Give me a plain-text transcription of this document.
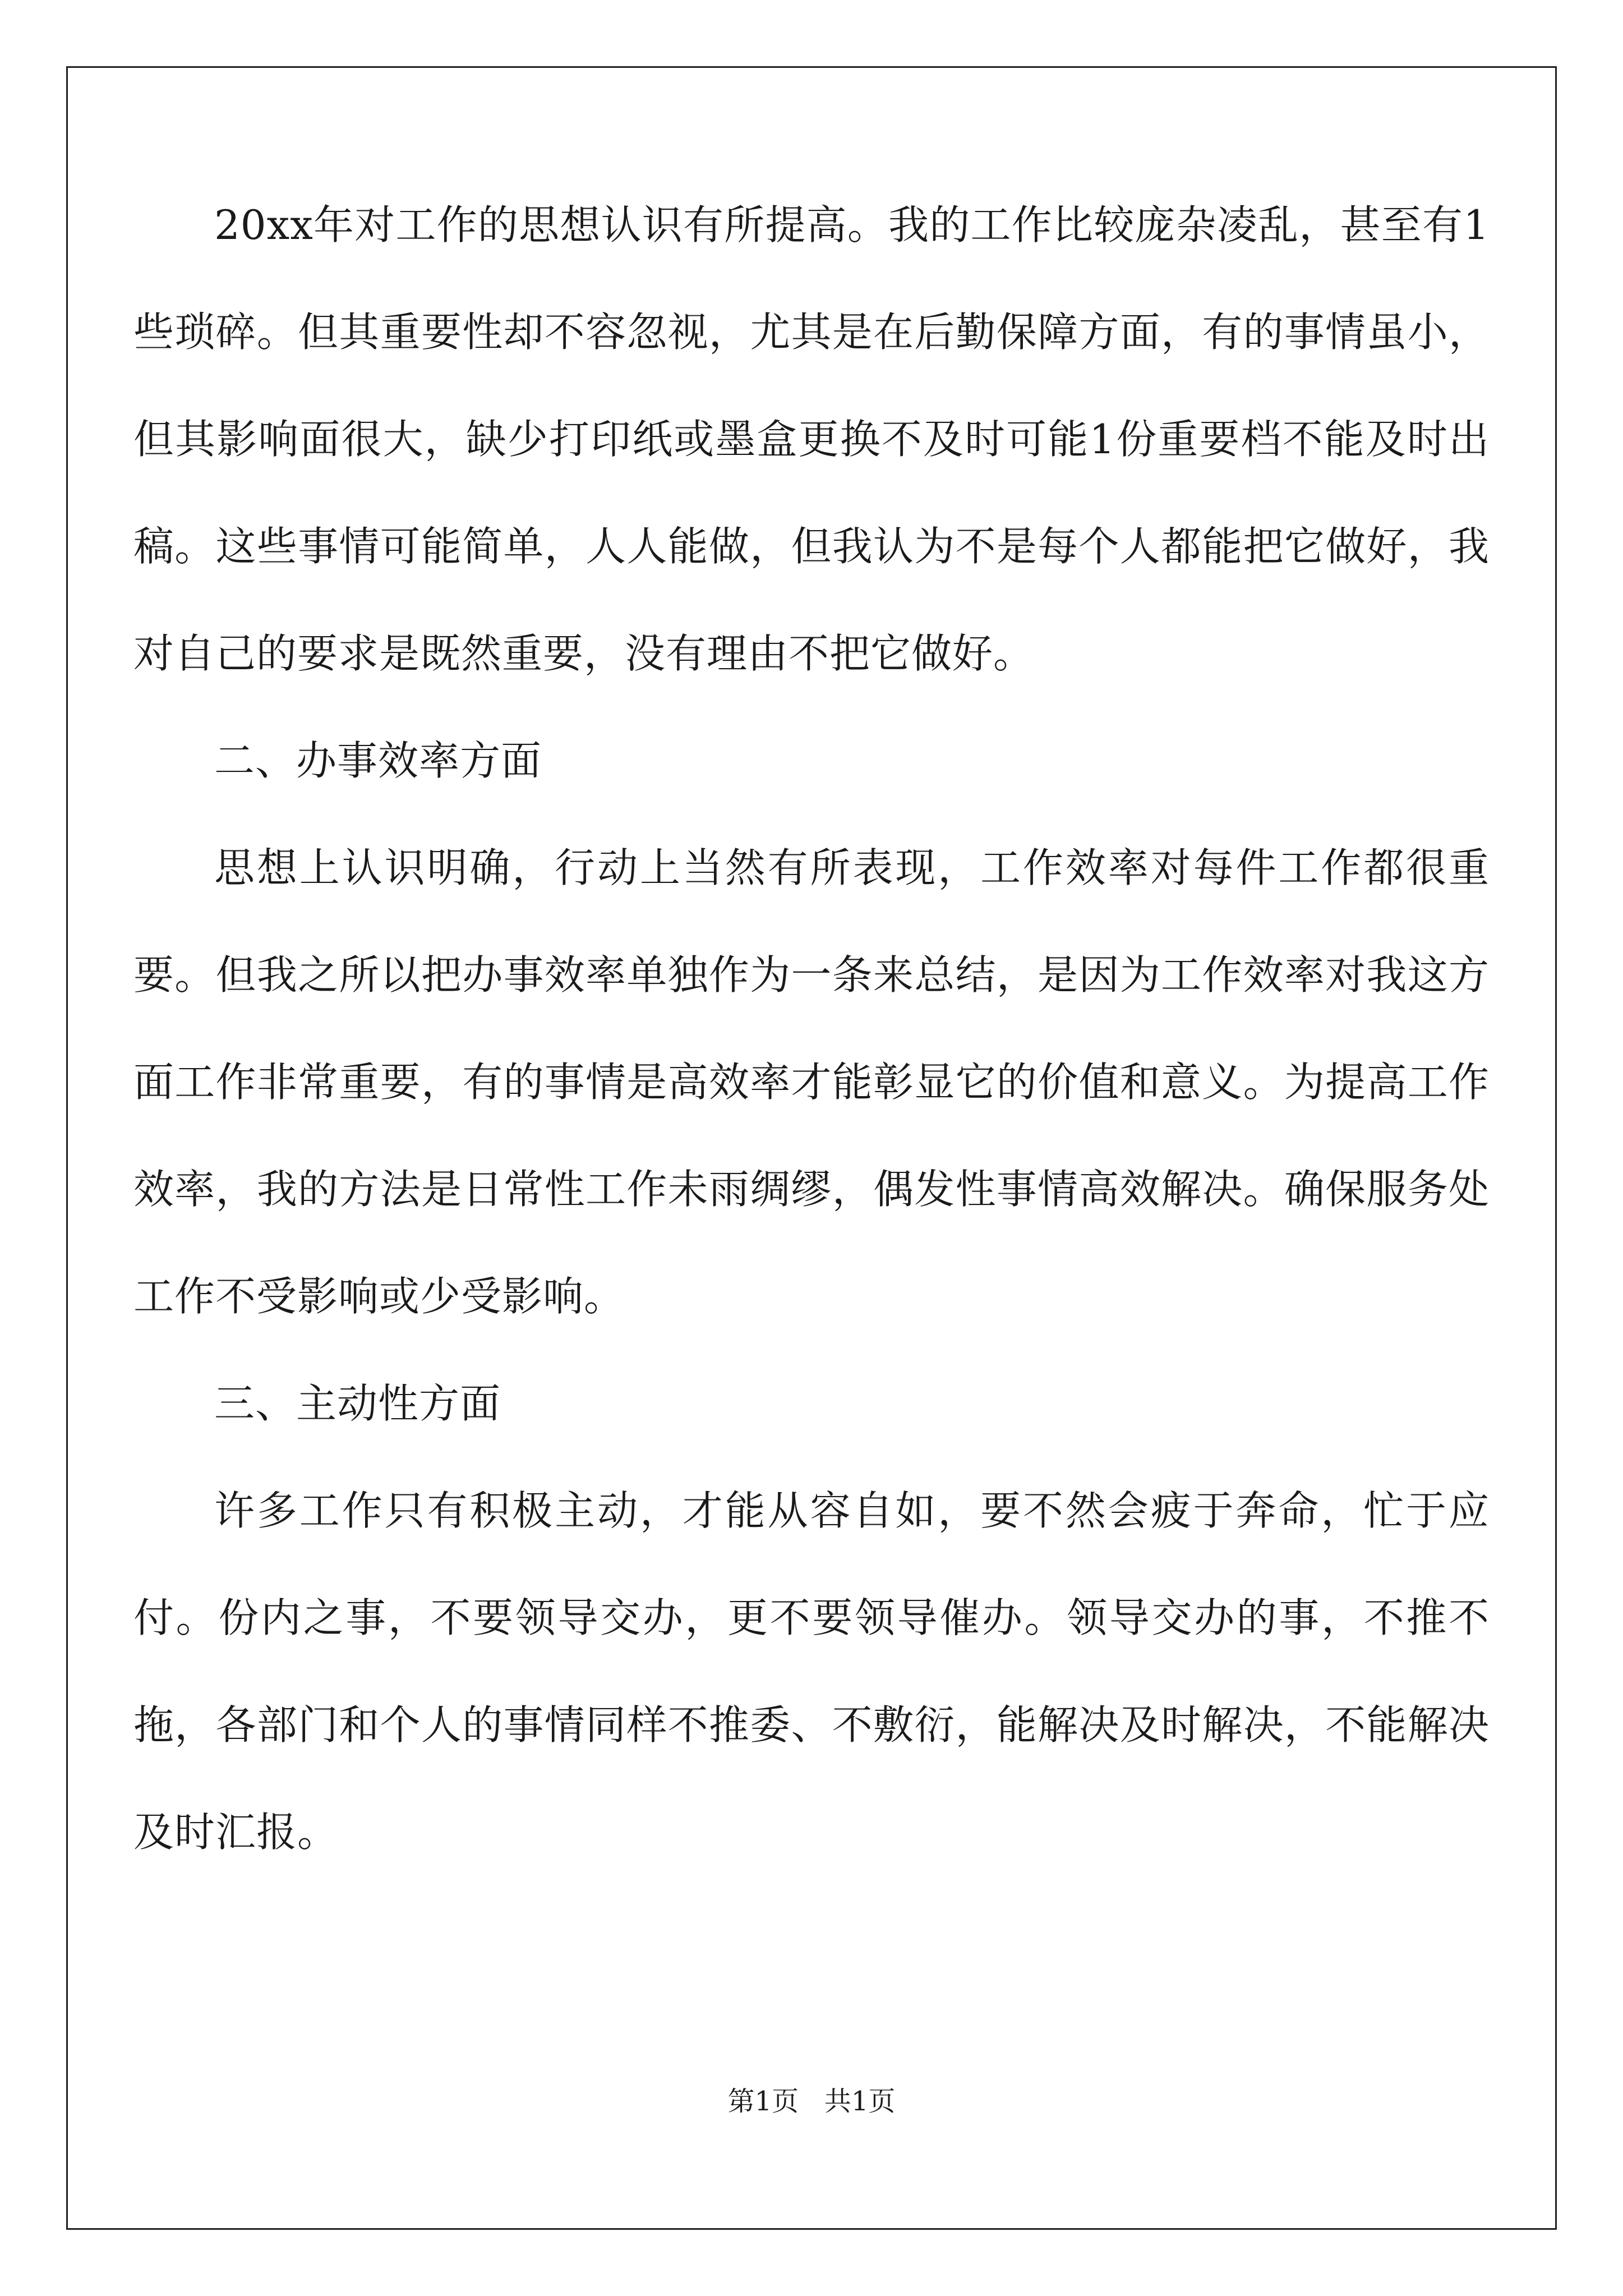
20xx年对工作的思想认识有所提高。我的工作比较庞杂凌乱，甚至有1些琐碎。但其重要性却不容忽视，尤其是在后勤保障方面，有的事情虽小，但其影响面很大，缺少打印纸或墨盒更换不及时可能1份重要档不能及时出稿。这些事情可能简单，人人能做，但我认为不是每个人都能把它做好，我对自己的要求是既然重要，没有理由不把它做好。

二、办事效率方面

思想上认识明确，行动上当然有所表现，工作效率对每件工作都很重要。但我之所以把办事效率单独作为一条来总结，是因为工作效率对我这方面工作非常重要，有的事情是高效率才能彰显它的价值和意义。为提高工作效率，我的方法是日常性工作未雨绸缪，偶发性事情高效解决。确保服务处工作不受影响或少受影响。

三、主动性方面

许多工作只有积极主动，才能从容自如，要不然会疲于奔命，忙于应付。份内之事，不要领导交办，更不要领导催办。领导交办的事，不推不拖，各部门和个人的事情同样不推委、不敷衍，能解决及时解决，不能解决及时汇报。

第1页   共1页
